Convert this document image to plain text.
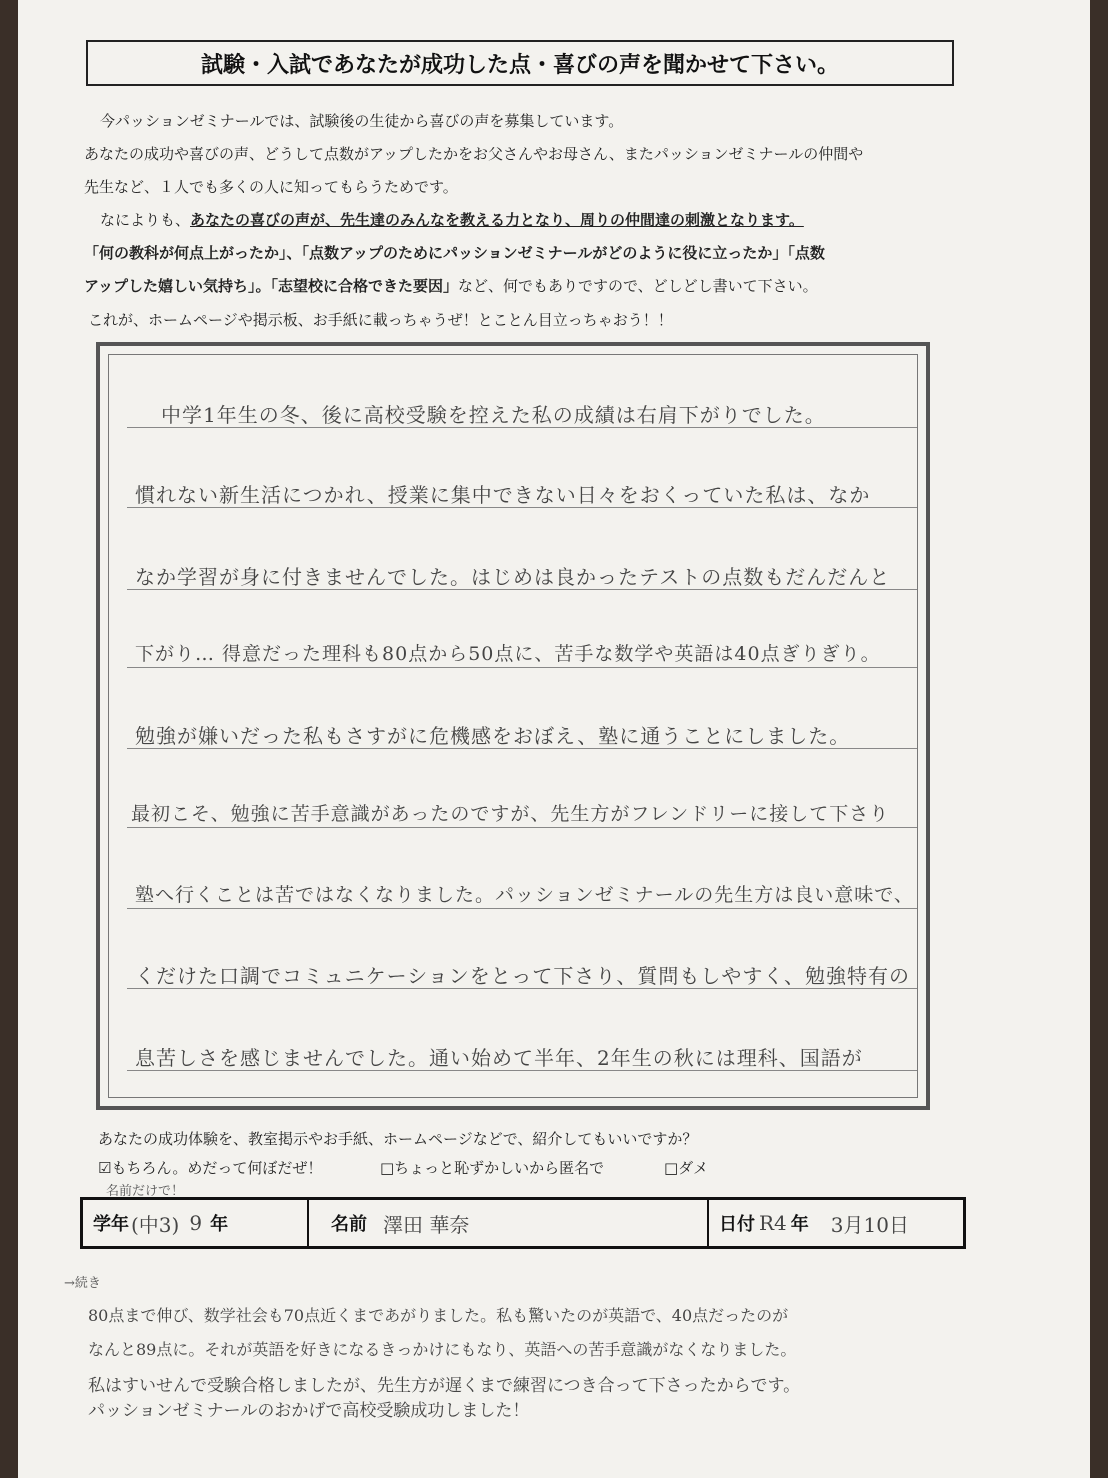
試験・入試であなたが成功した点・喜びの声を聞かせて下さい。
今パッションゼミナールでは、試験後の生徒から喜びの声を募集しています。
あなたの成功や喜びの声、どうして点数がアップしたかをお父さんやお母さん、またパッションゼミナールの仲間や
先生など、１人でも多くの人に知ってもらうためです。
なによりも、あなたの喜びの声が、先生達のみんなを教える力となり、周りの仲間達の刺激となります。
「何の教科が何点上がったか」、「点数アップのためにパッションゼミナールがどのように役に立ったか」「点数
アップした嬉しい気持ち」。「志望校に合格できた要因」など、何でもありですので、どしどし書いて下さい。
これが、ホームページや掲示板、お手紙に載っちゃうぜ！とことん目立っちゃおう！！
中学1年生の冬、後に高校受験を控えた私の成績は右肩下がりでした。
慣れない新生活につかれ、授業に集中できない日々をおくっていた私は、なか
なか学習が身に付きませんでした。はじめは良かったテストの点数もだんだんと
下がり… 得意だった理科も80点から50点に、苦手な数学や英語は40点ぎりぎり。
勉強が嫌いだった私もさすがに危機感をおぼえ、塾に通うことにしました。
最初こそ、勉強に苦手意識があったのですが、先生方がフレンドリーに接して下さり
塾へ行くことは苦ではなくなりました。パッションゼミナールの先生方は良い意味で、
くだけた口調でコミュニケーションをとって下さり、質問もしやすく、勉強特有の
息苦しさを感じませんでした。通い始めて半年、2年生の秋には理科、国語が
あなたの成功体験を、教室掲示やお手紙、ホームページなどで、紹介してもいいですか？
☑もちろん。めだって何ぼだぜ！	□ちょっと恥ずかしいから匿名で	□ダメ
名前だけで！
学年 (中3) 9 年	名前 澤田 華奈	日付 R4 年 3月10日
→続き
80点まで伸び、数学社会も70点近くまであがりました。私も驚いたのが英語で、40点だったのが
なんと89点に。それが英語を好きになるきっかけにもなり、英語への苦手意識がなくなりました。
私はすいせんで受験合格しましたが、先生方が遅くまで練習につき合って下さったからです。
パッションゼミナールのおかげで高校受験成功しました！
